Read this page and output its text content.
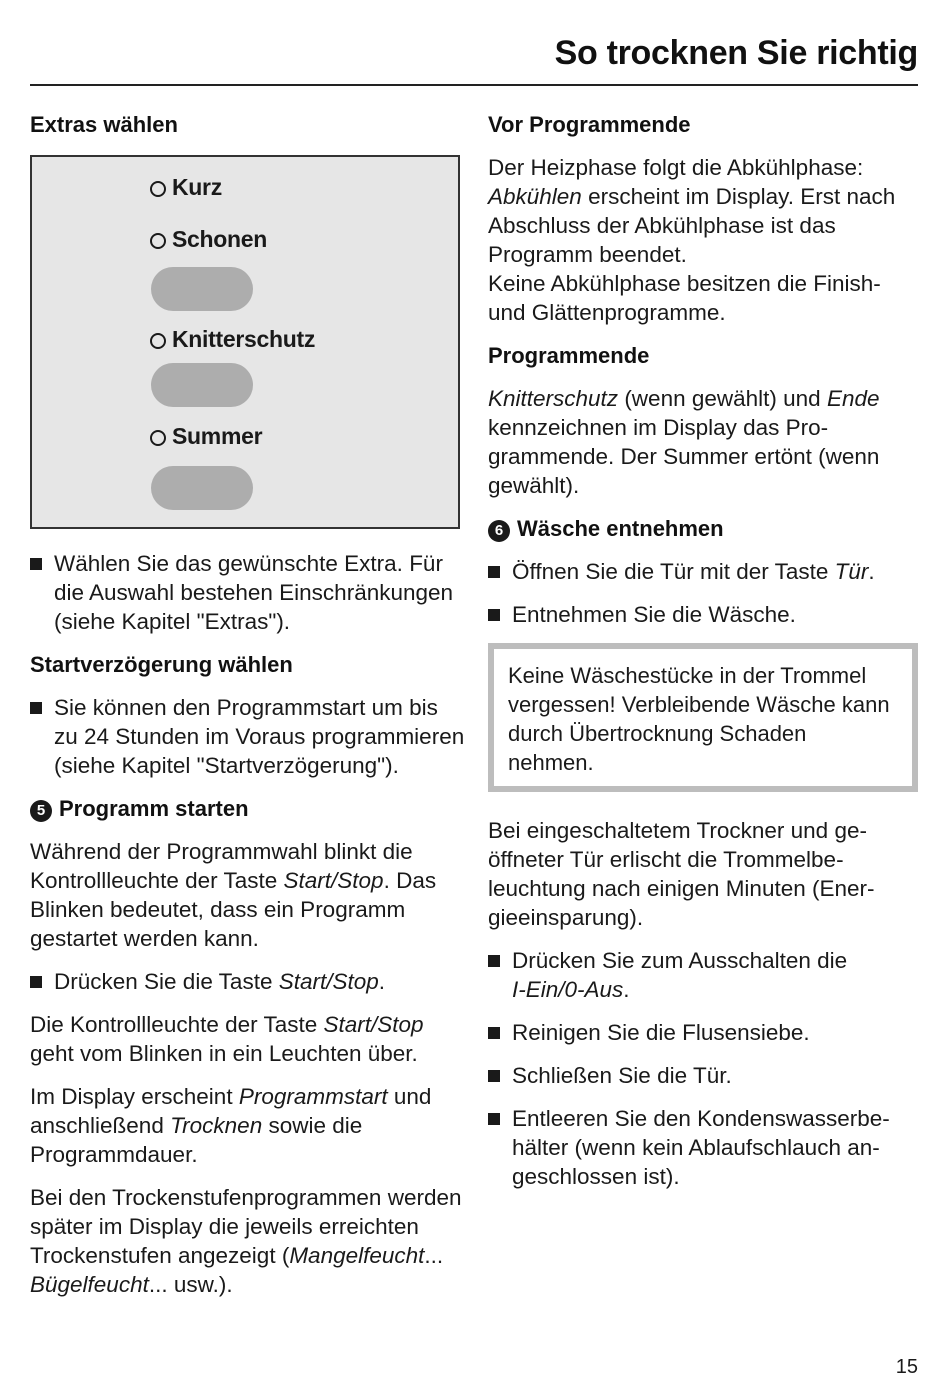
So trocknen Sie richtig
Extras wählen
Kurz
Schonen
Knitterschutz
Summer
Wählen Sie das gewünschte Extra. Für die Auswahl bestehen Einschränkungen (siehe Kapitel "Extras").
Startverzögerung wählen
Sie können den Programmstart um bis zu 24 Stunden im Voraus programmieren (siehe Kapitel "Startverzögerung").
5 Programm starten

Während der Programmwahl blinkt die Kontrollleuchte der Taste Start/Stop. Das Blinken bedeutet, dass ein Programm gestartet werden kann.

Drücken Sie die Taste Start/Stop.

Die Kontrollleuchte der Taste Start/Stop geht vom Blinken in ein Leuchten über.

Im Display erscheint Programmstart und anschließend Trocknen sowie die Programmdauer.

Bei den Trockenstufenprogrammen werden später im Display die jeweils erreichten Trockenstufen angezeigt (Mangelfeucht... Bügelfeucht... usw.).

Vor Programmende

Der Heizphase folgt die Abkühlphase: Abkühlen erscheint im Display. Erst nach Abschluss der Abkühlphase ist das Programm beendet.
Keine Abkühlphase besitzen die Finish- und Glättenprogramme.

Programmende

Knitterschutz (wenn gewählt) und Ende kennzeichnen im Display das Programmende. Der Summer ertönt (wenn gewählt).

6 Wäsche entnehmen
Öffnen Sie die Tür mit der Taste Tür.
Entnehmen Sie die Wäsche.
Keine Wäschestücke in der Trommel vergessen! Verbleibende Wäsche kann durch Übertrocknung Schaden nehmen.

Bei eingeschaltetem Trockner und geöffneter Tür erlischt die Trommelbeleuchtung nach einigen Minuten (Energieeinsparung).

Drücken Sie zum Ausschalten die
I-Ein/0-Aus.
Reinigen Sie die Flusensiebe.
Schließen Sie die Tür.
Entleeren Sie den Kondenswasserbehälter (wenn kein Ablaufschlauch angeschlossen ist).
15
